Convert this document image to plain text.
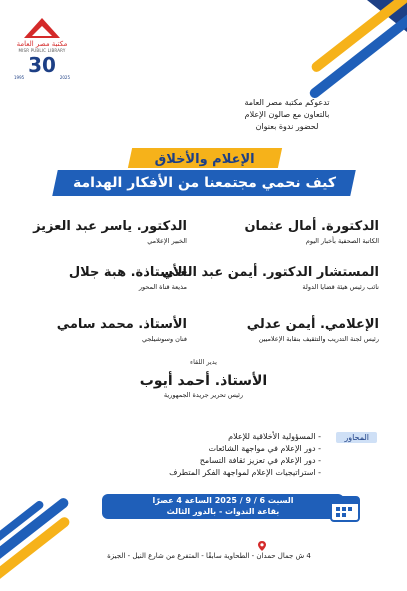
مكتبة مصر العامة
MISR PUBLIC LIBRARY
30
1995	2025
تدعوكم مكتبة مصر العامة
بالتعاون مع صالون الإعلام
لحضور ندوة بعنوان
الإعلام والأخلاق
كيف نحمي مجتمعنا من الأفكار الهدامة
الدكتورة. أمال عثمان
الكاتبة الصحفية بأخبار اليوم
الدكتور. ياسر عبد العزيز
الخبير الإعلامي
المستشار الدكتور. أيمن عبد الغني
نائب رئيس هيئة قضايا الدولة
الأستاذة. هبة جلال
مذيعة قناة المحور
الإعلامي. أيمن عدلي
رئيس لجنة التدريب والتثقيف بنقابة الإعلاميين
الأستاذ. محمد سامي
فنان وسوشيلجي
يدير اللقاء
الأستاذ. أحمد أيوب
رئيس تحرير جريدة الجمهورية
المحاور
- المسؤولية الأخلاقية للإعلام
- دور الإعلام في مواجهة الشائعات
- دور الإعلام في تعزيز ثقافة التسامح
- استراتيجيات الإعلام لمواجهة الفكر المتطرف
السبت 6 / 9 / 2025 الساعة 4 عصرًا
بقاعة الندوات - بالدور الثالث
4 ش جمال حمدان - الطحاوية سابقًا - المتفرع من شارع النيل - الجيزة
